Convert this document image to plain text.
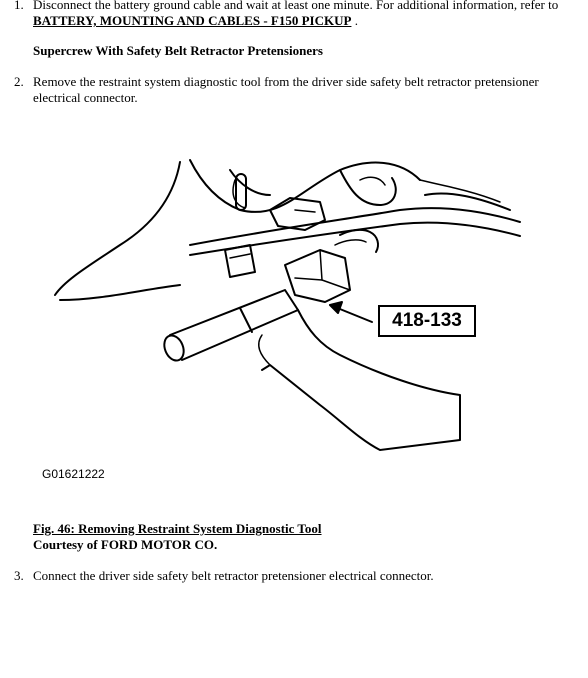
1. Disconnect the battery ground cable and wait at least one minute. For additional information, refer to
BATTERY, MOUNTING AND CABLES - F150 PICKUP .
Supercrew With Safety Belt Retractor Pretensioners
2. Remove the restraint system diagnostic tool from the driver side safety belt retractor pretensioner electrical connector.
418-133
G01621222
Fig. 46: Removing Restraint System Diagnostic Tool
Courtesy of FORD MOTOR CO.
3. Connect the driver side safety belt retractor pretensioner electrical connector.
